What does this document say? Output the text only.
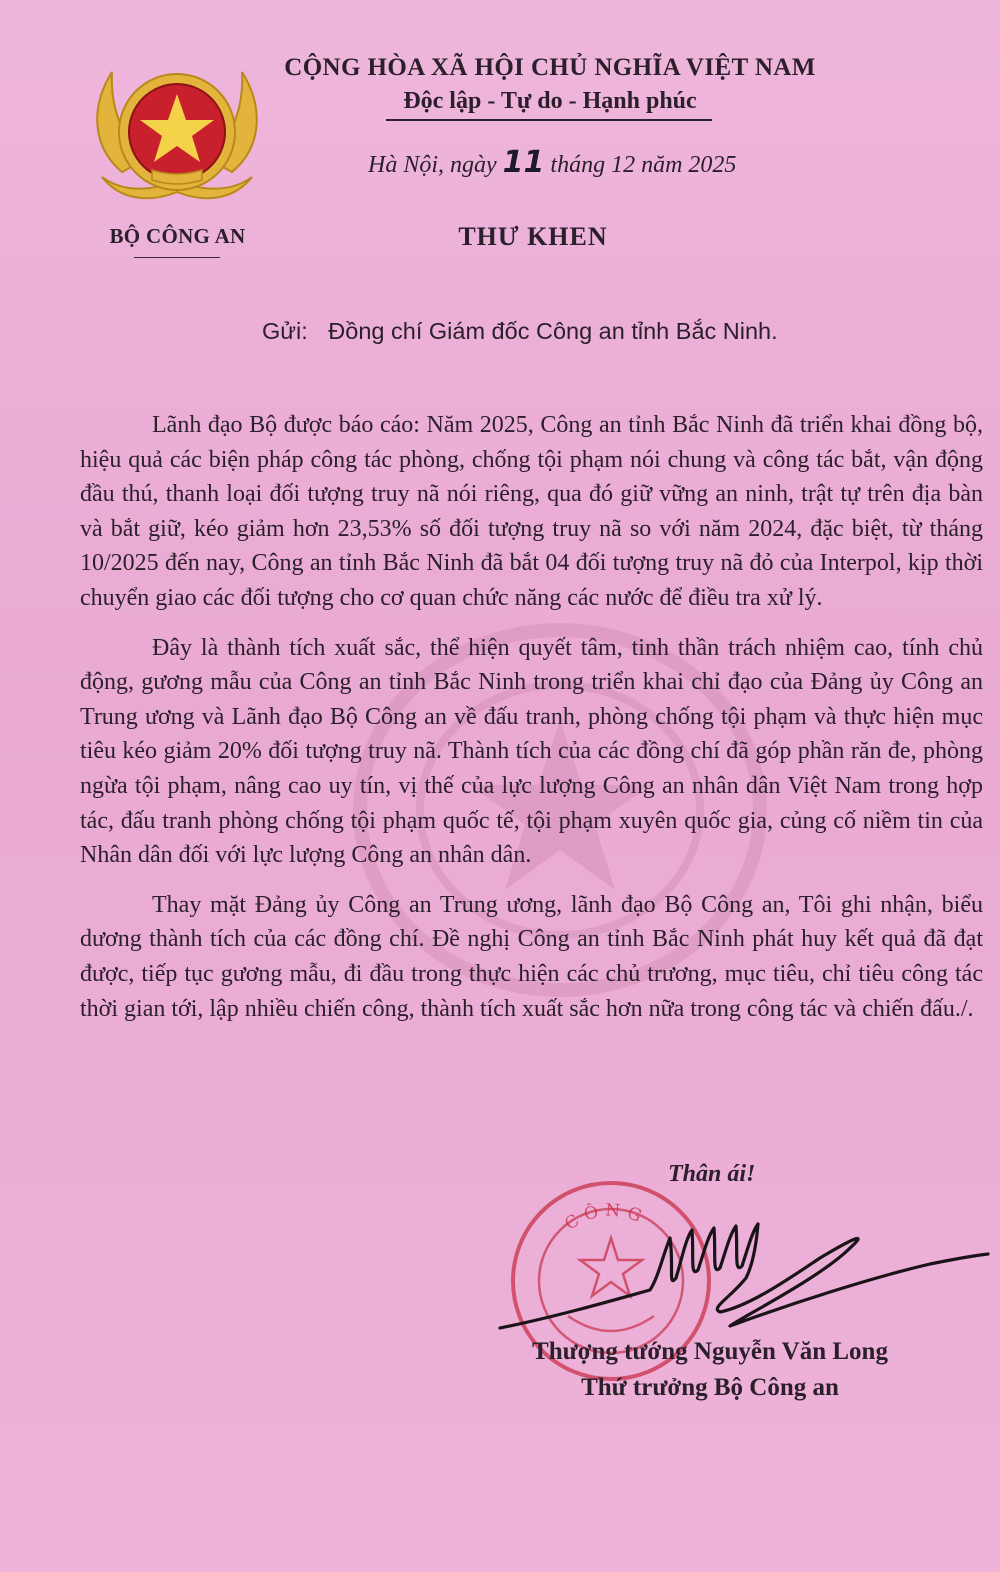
BỘ CÔNG AN
CỘNG HÒA XÃ HỘI CHỦ NGHĨA VIỆT NAM
Độc lập - Tự do - Hạnh phúc
Hà Nội, ngày 11 tháng 12 năm 2025
THƯ KHEN
Gửi: Đồng chí Giám đốc Công an tỉnh Bắc Ninh.

Lãnh đạo Bộ được báo cáo: Năm 2025, Công an tỉnh Bắc Ninh đã triển khai đồng bộ, hiệu quả các biện pháp công tác phòng, chống tội phạm nói chung và công tác bắt, vận động đầu thú, thanh loại đối tượng truy nã nói riêng, qua đó giữ vững an ninh, trật tự trên địa bàn và bắt giữ, kéo giảm hơn 23,53% số đối tượng truy nã so với năm 2024, đặc biệt, từ tháng 10/2025 đến nay, Công an tỉnh Bắc Ninh đã bắt 04 đối tượng truy nã đỏ của Interpol, kịp thời chuyển giao các đối tượng cho cơ quan chức năng các nước để điều tra xử lý.

Đây là thành tích xuất sắc, thể hiện quyết tâm, tinh thần trách nhiệm cao, tính chủ động, gương mẫu của Công an tỉnh Bắc Ninh trong triển khai chỉ đạo của Đảng ủy Công an Trung ương và Lãnh đạo Bộ Công an về đấu tranh, phòng chống tội phạm và thực hiện mục tiêu kéo giảm 20% đối tượng truy nã. Thành tích của các đồng chí đã góp phần răn đe, phòng ngừa tội phạm, nâng cao uy tín, vị thế của lực lượng Công an nhân dân Việt Nam trong hợp tác, đấu tranh phòng chống tội phạm quốc tế, tội phạm xuyên quốc gia, củng cố niềm tin của Nhân dân đối với lực lượng Công an nhân dân.

Thay mặt Đảng ủy Công an Trung ương, lãnh đạo Bộ Công an, Tôi ghi nhận, biểu dương thành tích của các đồng chí. Đề nghị Công an tỉnh Bắc Ninh phát huy kết quả đã đạt được, tiếp tục gương mẫu, đi đầu trong thực hiện các chủ trương, mục tiêu, chỉ tiêu công tác thời gian tới, lập nhiều chiến công, thành tích xuất sắc hơn nữa trong công tác và chiến đấu./.

Thân ái!
CÔNG
Thượng tướng Nguyễn Văn Long
Thứ trưởng Bộ Công an
